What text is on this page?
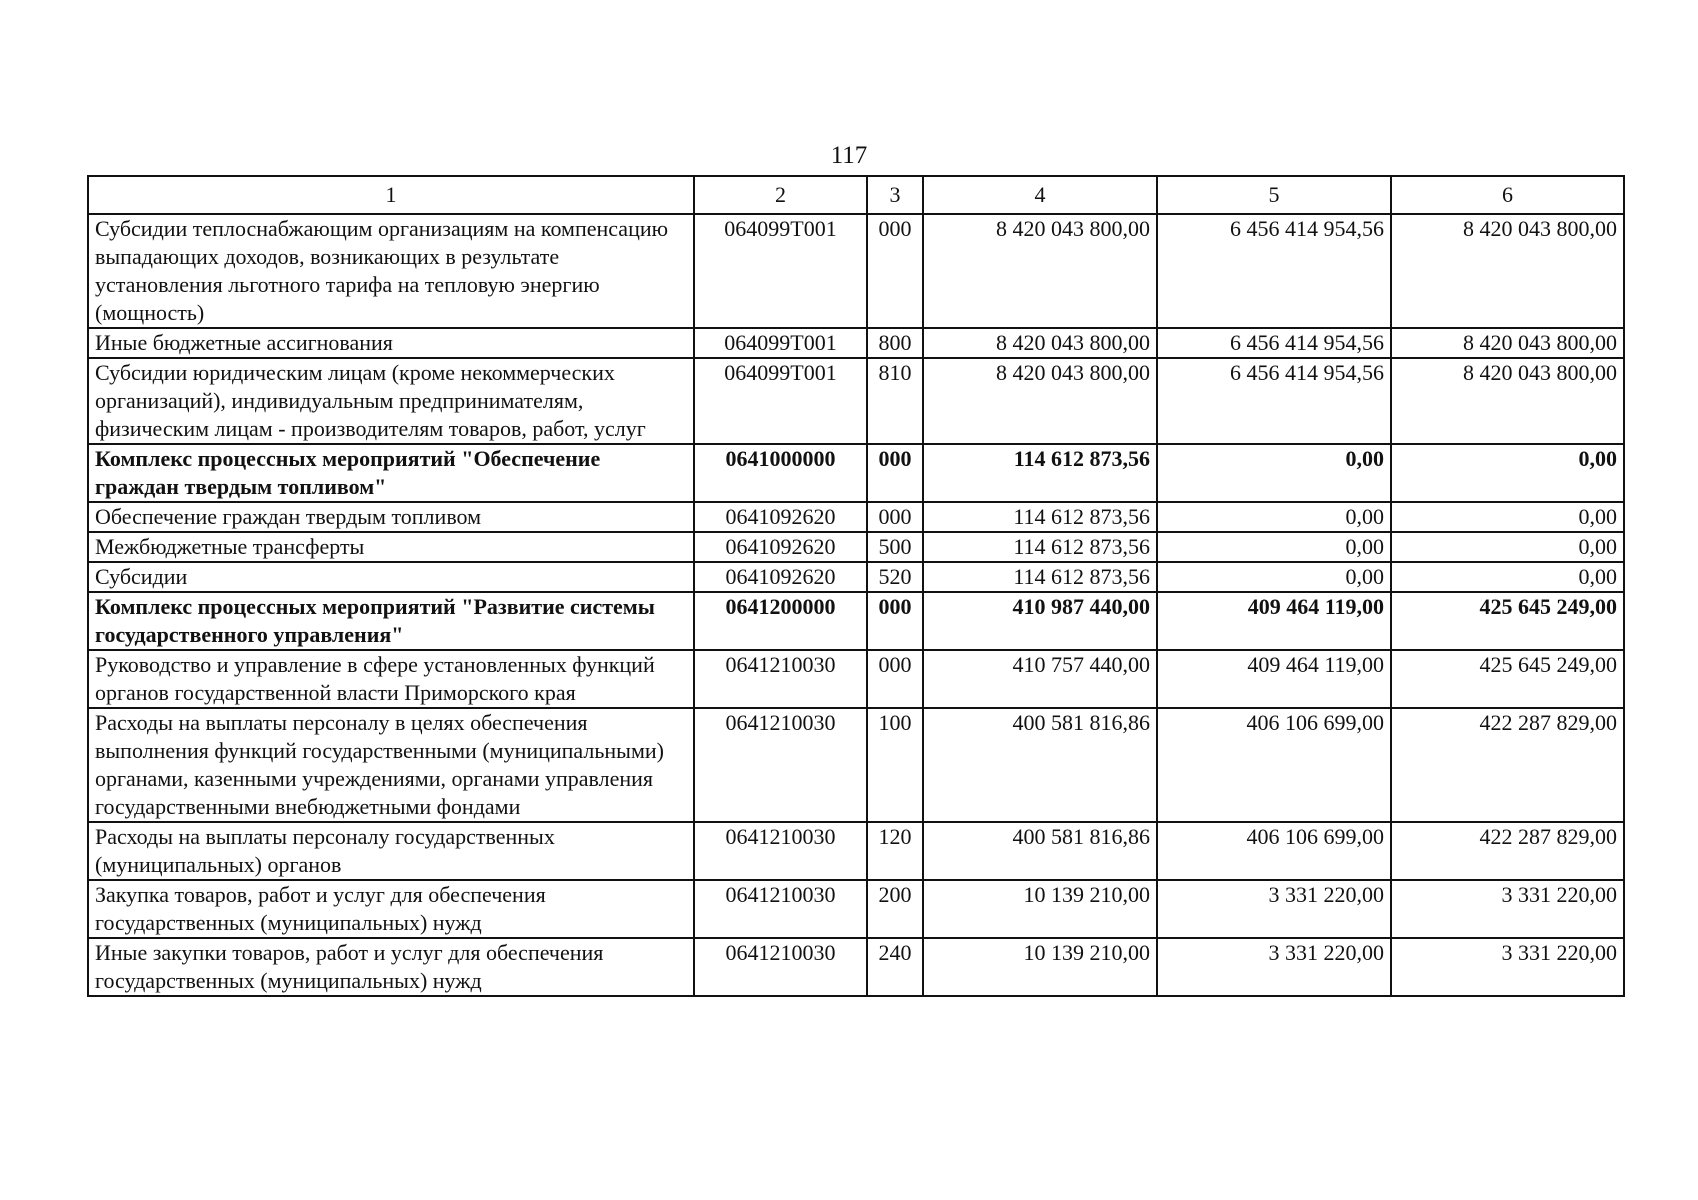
117
1	2	3	4	5	6
Субсидии теплоснабжающим организациям на компенсацию выпадающих доходов, возникающих в результате установления льготного тарифа на тепловую энергию (мощность)	064099Т001	000	8 420 043 800,00	6 456 414 954,56	8 420 043 800,00
Иные бюджетные ассигнования	064099Т001	800	8 420 043 800,00	6 456 414 954,56	8 420 043 800,00
Субсидии юридическим лицам (кроме некоммерческих организаций), индивидуальным предпринимателям, физическим лицам - производителям товаров, работ, услуг	064099Т001	810	8 420 043 800,00	6 456 414 954,56	8 420 043 800,00
Комплекс процессных мероприятий "Обеспечение граждан твердым топливом"	0641000000	000	114 612 873,56	0,00	0,00
Обеспечение граждан твердым топливом	0641092620	000	114 612 873,56	0,00	0,00
Межбюджетные трансферты	0641092620	500	114 612 873,56	0,00	0,00
Субсидии	0641092620	520	114 612 873,56	0,00	0,00
Комплекс процессных мероприятий "Развитие системы государственного управления"	0641200000	000	410 987 440,00	409 464 119,00	425 645 249,00
Руководство и управление в сфере установленных функций органов государственной власти Приморского края	0641210030	000	410 757 440,00	409 464 119,00	425 645 249,00
Расходы на выплаты персоналу в целях обеспечения выполнения функций государственными (муниципальными) органами, казенными учреждениями, органами управления государственными внебюджетными фондами	0641210030	100	400 581 816,86	406 106 699,00	422 287 829,00
Расходы на выплаты персоналу государственных (муниципальных) органов	0641210030	120	400 581 816,86	406 106 699,00	422 287 829,00
Закупка товаров, работ и услуг для обеспечения государственных (муниципальных) нужд	0641210030	200	10 139 210,00	3 331 220,00	3 331 220,00
Иные закупки товаров, работ и услуг для обеспечения государственных (муниципальных) нужд	0641210030	240	10 139 210,00	3 331 220,00	3 331 220,00
